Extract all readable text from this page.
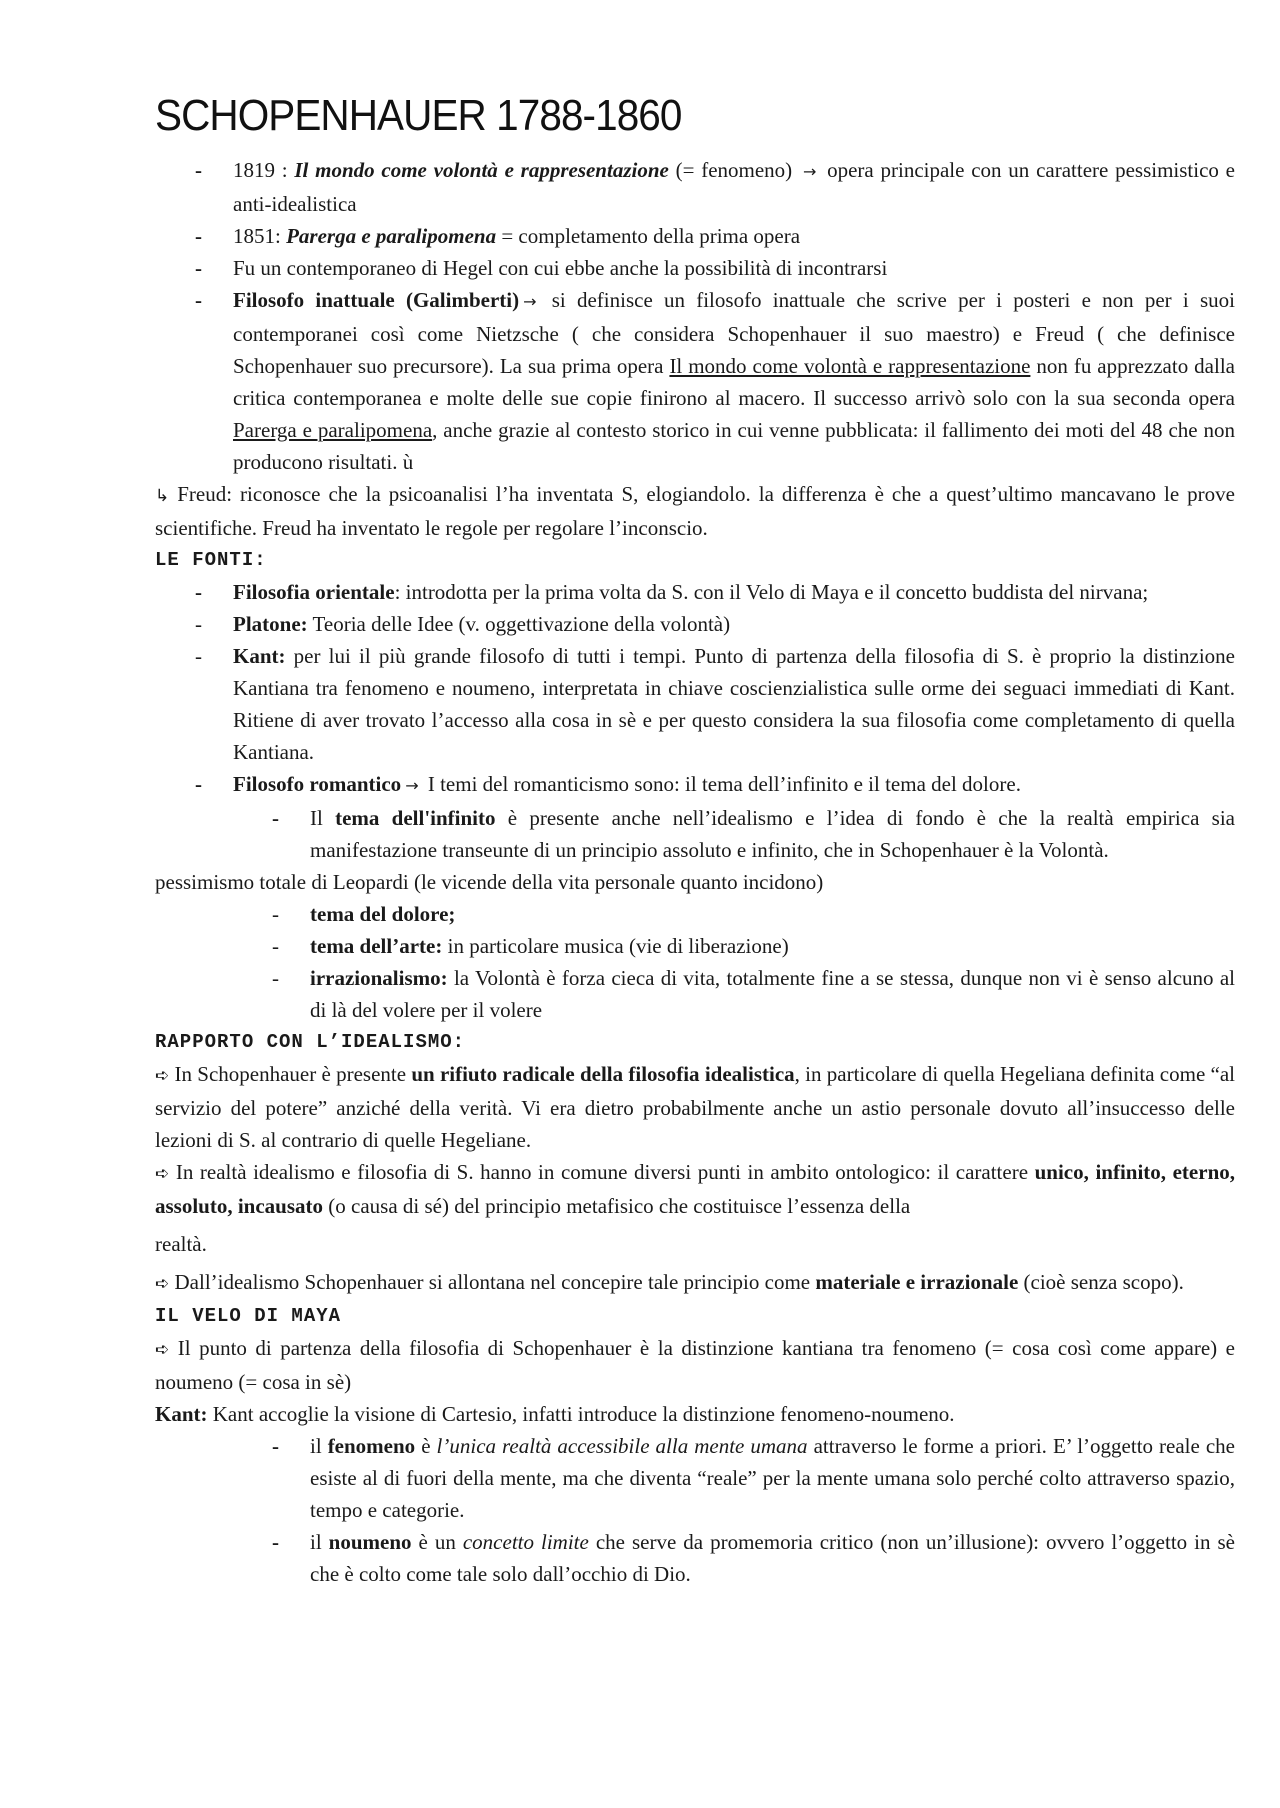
SCHOPENHAUER 1788-1860
- 1819 : Il mondo come volontà e rappresentazione (= fenomeno) → opera principale con un carattere pessimistico e anti-idealistica
- 1851: Parerga e paralipomena = completamento della prima opera
- Fu un contemporaneo di Hegel con cui ebbe anche la possibilità di incontrarsi
- Filosofo inattuale (Galimberti) → si definisce un filosofo inattuale che scrive per i posteri e non per i suoi contemporanei così come Nietzsche ( che considera Schopenhauer il suo maestro) e Freud ( che definisce Schopenhauer suo precursore). La sua prima opera Il mondo come volontà e rappresentazione non fu apprezzato dalla critica contemporanea e molte delle sue copie finirono al macero. Il successo arrivò solo con la sua seconda opera Parerga e paralipomena, anche grazie al contesto storico in cui venne pubblicata: il fallimento dei moti del 48 che non producono risultati. ù

↳ Freud: riconosce che la psicoanalisi l’ha inventata S, elogiandolo. la differenza è che a quest’ultimo mancavano le prove scientifiche. Freud ha inventato le regole per regolare l’inconscio.

LE FONTI:
- Filosofia orientale: introdotta per la prima volta da S. con il Velo di Maya e il concetto buddista del nirvana;
- Platone: Teoria delle Idee (v. oggettivazione della volontà)
- Kant: per lui il più grande filosofo di tutti i tempi. Punto di partenza della filosofia di S. è proprio la distinzione Kantiana tra fenomeno e noumeno, interpretata in chiave coscienzialistica sulle orme dei seguaci immediati di Kant. Ritiene di aver trovato l’accesso alla cosa in sè e per questo considera la sua filosofia come completamento di quella Kantiana.
- Filosofo romantico → I temi del romanticismo sono: il tema dell’infinito e il tema del dolore.
- Il tema dell'infinito è presente anche nell’idealismo e l’idea di fondo è che la realtà empirica sia manifestazione transeunte di un principio assoluto e infinito, che in Schopenhauer è la Volontà.

pessimismo totale di Leopardi (le vicende della vita personale quanto incidono)

- tema del dolore;
- tema dell’arte: in particolare musica (vie di liberazione)
- irrazionalismo: la Volontà è forza cieca di vita, totalmente fine a se stessa, dunque non vi è senso alcuno al di là del volere per il volere
RAPPORTO CON L’IDEALISMO:

➪ In Schopenhauer è presente un rifiuto radicale della filosofia idealistica, in particolare di quella Hegeliana definita come “al servizio del potere” anziché della verità. Vi era dietro probabilmente anche un astio personale dovuto all’insuccesso delle lezioni di S. al contrario di quelle Hegeliane.

➪ In realtà idealismo e filosofia di S. hanno in comune diversi punti in ambito ontologico: il carattere unico, infinito, eterno, assoluto, incausato (o causa di sé) del principio metafisico che costituisce l’essenza della

realtà.

➪ Dall’idealismo Schopenhauer si allontana nel concepire tale principio come materiale e irrazionale (cioè senza scopo).

IL VELO DI MAYA

➪ Il punto di partenza della filosofia di Schopenhauer è la distinzione kantiana tra fenomeno (= cosa così come appare) e noumeno (= cosa in sè)

Kant: Kant accoglie la visione di Cartesio, infatti introduce la distinzione fenomeno-noumeno.

- il fenomeno è l’unica realtà accessibile alla mente umana attraverso le forme a priori. E’ l’oggetto reale che esiste al di fuori della mente, ma che diventa “reale” per la mente umana solo perché colto attraverso spazio, tempo e categorie.
- il noumeno è un concetto limite che serve da promemoria critico (non un’illusione): ovvero l’oggetto in sè che è colto come tale solo dall’occhio di Dio.
